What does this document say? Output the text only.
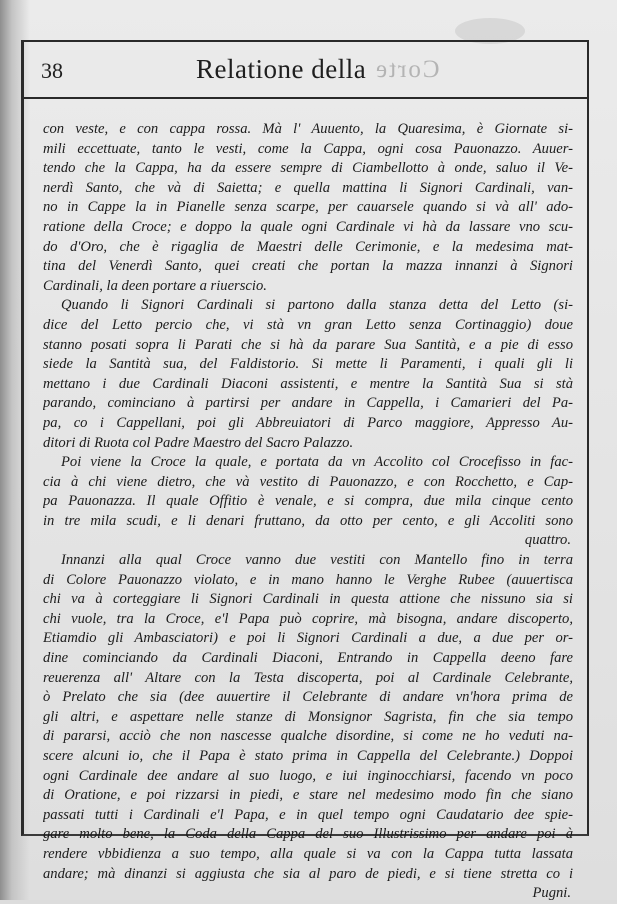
38	Corte
Relatione della
con veste, e con cappa rossa. Mà l' Auuento, la Quaresima, è Giornate si-
mili eccettuate, tanto le vesti, come la Cappa, ogni cosa Pauonazzo. Auuer-
tendo che la Cappa, ha da essere sempre di Ciambellotto à onde, saluo il Ve-
nerdì Santo, che và di Saietta; e quella mattina li Signori Cardinali, van-
no in Cappe la in Pianelle senza scarpe, per cauarsele quando si và all' ado-
ratione della Croce; e doppo la quale ogni Cardinale vi hà da lassare vno scu-
do d'Oro, che è rigaglia de Maestri delle Cerimonie, e la medesima mat-
tina del Venerdì Santo, quei creati che portan la mazza innanzi à Signori
Cardinali, la deen portare a riuerscio.
Quando li Signori Cardinali si partono dalla stanza detta del Letto (si-
dice del Letto percio che, vi stà vn gran Letto senza Cortinaggio) doue
stanno posati sopra li Parati che si hà da parare Sua Santità, e a pie di esso
siede la Santità sua, del Faldistorio. Si mette li Paramenti, i quali gli li
mettano i due Cardinali Diaconi assistenti, e mentre la Santità Sua si stà
parando, cominciano à partirsi per andare in Cappella, i Camarieri del Pa-
pa, co i Cappellani, poi gli Abbreuiatori di Parco maggiore, Appresso Au-
ditori di Ruota col Padre Maestro del Sacro Palazzo.
Poi viene la Croce la quale, e portata da vn Accolito col Crocefisso in fac-
cia à chi viene dietro, che và vestito di Pauonazzo, e con Rocchetto, e Cap-
pa Pauonazza. Il quale Offitio è venale, e si compra, due mila cinque cento
in tre mila scudi, e li denari fruttano, da otto per cento, e gli Accoliti sono
quattro.
Innanzi alla qual Croce vanno due vestiti con Mantello fino in terra
di Colore Pauonazzo violato, e in mano hanno le Verghe Rubee (auuertisca
chi va à corteggiare li Signori Cardinali in questa attione che nissuno sia si
chi vuole, tra la Croce, e'l Papa può coprire, mà bisogna, andare discoperto,
Etiamdio gli Ambasciatori) e poi li Signori Cardinali a due, a due per or-
dine cominciando da Cardinali Diaconi, Entrando in Cappella deeno fare
reuerenza all' Altare con la Testa discoperta, poi al Cardinale Celebrante,
ò Prelato che sia (dee auuertire il Celebrante di andare vn'hora prima de
gli altri, e aspettare nelle stanze di Monsignor Sagrista, fin che sia tempo
di pararsi, acciò che non nascesse qualche disordine, si come ne ho veduti na-
scere alcuni io, che il Papa è stato prima in Cappella del Celebrante.) Doppoi
ogni Cardinale dee andare al suo luogo, e iui inginocchiarsi, facendo vn poco
di Oratione, e poi rizzarsi in piedi, e stare nel medesimo modo fin che siano
passati tutti i Cardinali e'l Papa, e in quel tempo ogni Caudatario dee spie-
gare molto bene, la Coda della Cappa del suo Illustrissimo per andare poi à
rendere vbbidienza a suo tempo, alla quale si va con la Cappa tutta lassata
andare; mà dinanzi si aggiusta che sia al paro de piedi, e si tiene stretta co i
Pugni.
